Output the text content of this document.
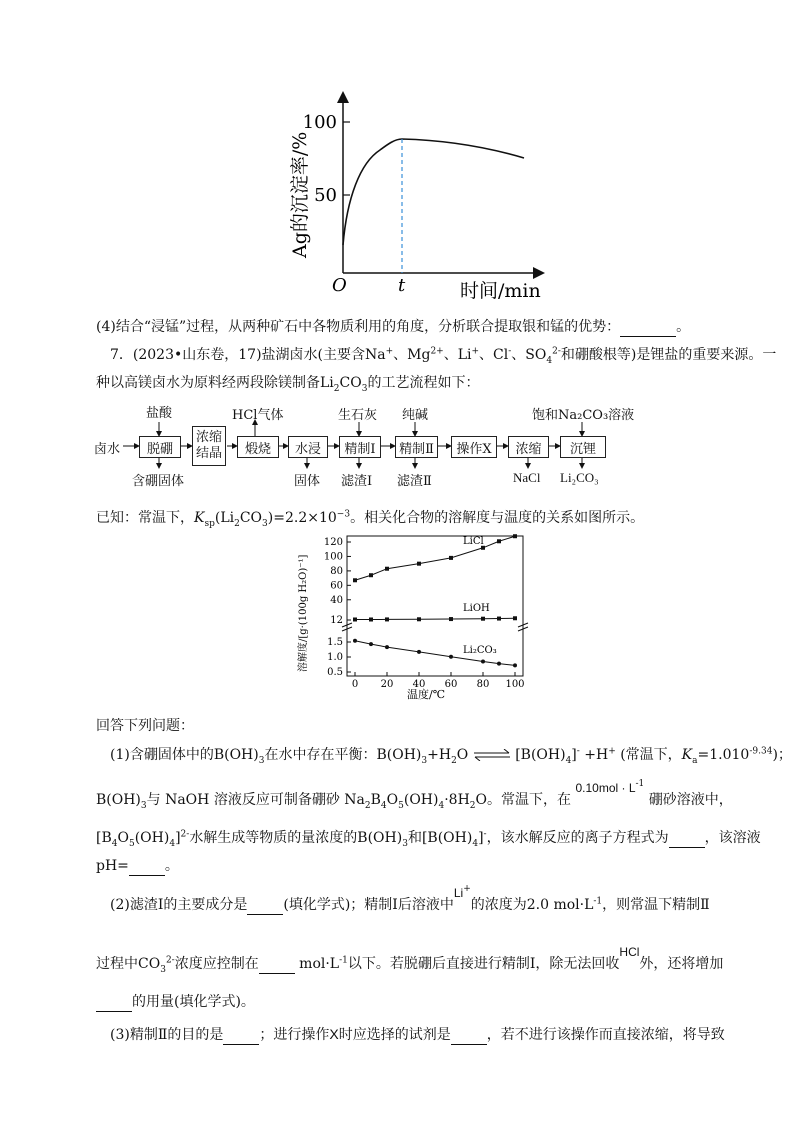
100
50
O	t	时间/min
Ag的沉淀率/%
(4)结合“浸锰”过程，从两种矿石中各物质利用的角度，分析联合提取银和锰的优势：	。
7．(2023•山东卷，17)盐湖卤水(主要含Na+、$Mg^{2+}$、Li+、Cl-、$SO_4^{2-}$和硼酸根等)是锂盐的重要来源。一
种以高镁卤水为原料经两段除镁制备$Li_2CO_3$的工艺流程如下：
卤水	脱硼
浓缩结晶	煅烧	水浸	精制Ⅰ	精制Ⅱ	操作X	浓缩	沉锂
盐酸	HCl气体	生石灰 纯碱	饱和Na₂CO₃溶液
含硼固体	固体 滤渣Ⅰ 滤渣Ⅱ	NaCl Li₂CO₃
已知：常温下，$K_{sp}(Li_2CO_3)=2.2\times 10^{-3}$。相关化合物的溶解度与温度的关系如图所示。
12
40
60
80
100
120
0.5
1.0
1.5
0 20 40 60 80 100
LiCl
LiOH
Li₂CO₃
溶解度/[g·(100g H₂O)⁻¹]
温度/℃
回答下列问题：
(1)含硼固体中的$B(OH)_3$在水中存在平衡：$B(OH)_3+H_2O$ ⇌ $[B(OH)_4]^- +H^+$ (常温下，$K_a=1.010^{-9.34}$)；
$B(OH)_3$与 NaOH 溶液反应可制备硼砂 $Na_2B_4O_5(OH)_4\cdot 8H_2O$。常温下，在 $0.10mol \cdot L^{-1}$ 硼砂溶液中，
$[B_4O_5(OH)_4]^{2-}$水解生成等物质的量浓度的$B(OH)_3$和$[B(OH)_4]^-$，该水解反应的离子方程式为	，该溶液
pH=	。
(2)滤渣Ⅰ的主要成分是	(填化学式)；精制Ⅰ后溶液中Li+的浓度为2.0 $mol\cdot L^{-1}$，则常温下精制Ⅱ
过程中$CO_3^{2-}$浓度应控制在	$mol\cdot L^{-1}$以下。若脱硼后直接进行精制Ⅰ，除无法回收HCl外，还将增加
的用量(填化学式)。
(3)精制Ⅱ的目的是	；进行操作X时应选择的试剂是	，若不进行该操作而直接浓缩，将导致
